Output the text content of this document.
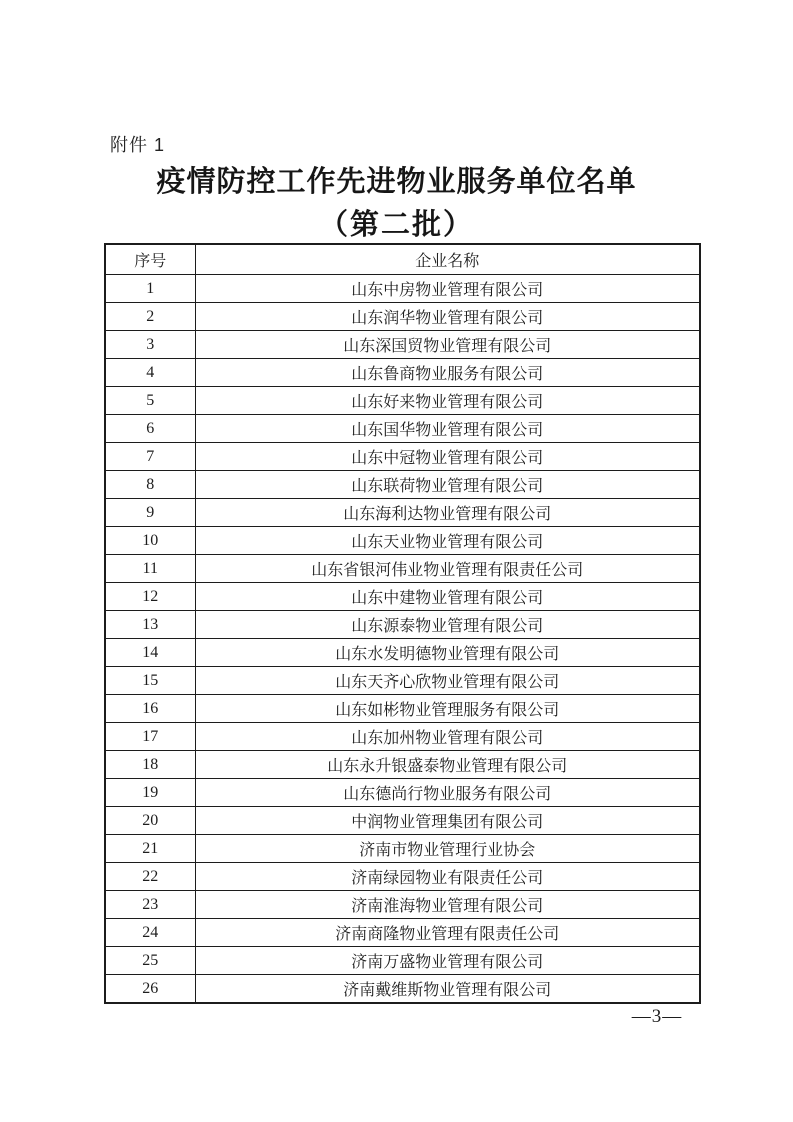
附件 1
疫情防控工作先进物业服务单位名单
（第二批）
序号	企业名称
1	山东中房物业管理有限公司
2	山东润华物业管理有限公司
3	山东深国贸物业管理有限公司
4	山东鲁商物业服务有限公司
5	山东好来物业管理有限公司
6	山东国华物业管理有限公司
7	山东中冠物业管理有限公司
8	山东联荷物业管理有限公司
9	山东海利达物业管理有限公司
10	山东天业物业管理有限公司
11	山东省银河伟业物业管理有限责任公司
12	山东中建物业管理有限公司
13	山东源泰物业管理有限公司
14	山东水发明德物业管理有限公司
15	山东天齐心欣物业管理有限公司
16	山东如彬物业管理服务有限公司
17	山东加州物业管理有限公司
18	山东永升银盛泰物业管理有限公司
19	山东德尚行物业服务有限公司
20	中润物业管理集团有限公司
21	济南市物业管理行业协会
22	济南绿园物业有限责任公司
23	济南淮海物业管理有限公司
24	济南商隆物业管理有限责任公司
25	济南万盛物业管理有限公司
26	济南戴维斯物业管理有限公司
—3—
